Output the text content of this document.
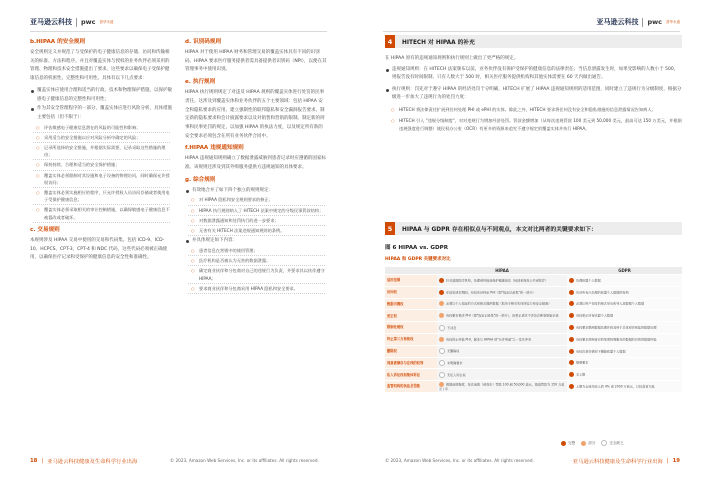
亚马逊云科技 pwc 普华永道
b.HIPAA 的安全规则
安全规则定义并规范了与受保护的电子健康信息的存储、访问和传输相关的标准、方法和程序。并且对覆盖实体与授权的业务伙伴必须采用的管理、物理和技术安全措施提出了要求。这些要求以确保电子受保护健康信息的机密性、完整性和可用性。具体有以下几点要求：
覆盖实体应使用合理和适当的行政、技术和物理保护措施，以保护敏感电子健康信息的完整性和可用性；
作为其安全管理程序的一部分，覆盖实体应进行风险分析，具体措施主要包括（但不限于）：
○ 评估敏感电子健康信息潜在的风险的可能性和影响；
○ 采用适当的安全措施以应对风险分析中确定的风险；
○ 记录所选择的安全措施，并根据实际需要，记录采取这些措施的理由；
○ 保持持续、合理和适当的安全保护措施；
○ 覆盖实体必须限制对其设施和电子设备的物理访问，同时确保允许授权访问；
○ 覆盖实体必须实施相应的程序，只允许授权人员访问存储或者使用电子受保护健康信息；
○ 覆盖实体必须采取相关的审计控制措施，以确保敏感电子健康信息不被篡改或者破坏。
c. 交易规则
本规则涉及 HIPAA 交易中使用的交易和代码集。包括 ICD-9、ICD-10、HCPCS、CPT-3、CPT-4 和 NDC 代码，这些代码必须被正确使用，以确保医疗记录和受保护的健康信息的安全性和准确性。
d. 识别码规则
HIPAA 对于使用 HIPAA 财务和管理交易的覆盖实体具有不同的识别码。HIPAA 要求医疗服务提供者需具备提供者识别码（NPI），以便在其管理事务中使用识别。
e. 执行规则
HIPAA 执行规则规定了对违反 HIPAA 规则的覆盖实体进行处罚的民事责任。这涉及到覆盖实体和业务伙伴的五个主要领域：包括 HIPAA 安全和隐私要求的应用、建立强制性的联邦隐私和安全漏洞报告要求、制定新的隐私要求和会计披露要求以及对销售和营销的限制。制定新的刑事和民事处罚的规定，以加强 HIPAA 的执法力度，以及规定所有新的安全要求必须包含在所有业务伙伴合同中。
f.HIPAA 违规通知规则
HIPAA 违规通知规则确立了数据泄露威胁到患者记录时应遵循的国家标准。该规则还涉及到其外购服务提供方违规通知的具体要求。
g. 综合规则
有效地合并了如下四个独立的规则规定：
○ 对 HIPAA 隐私和安全规则要求的修正；
○ HIPAA 执行规则纳入了 HITECH 法案中规定的分级民事罚款结构；
○ 对数据泄露通知和处罚执行的进一步要求；
○ 无害有关 HITECH 法案违规通知规则的条例。
并具体规定如下内容：
○ 患者信息在营销中的使用管理；
○ 医疗机构是否被认为无害的数据泄露；
○ 确定商业伙伴和分包商对自己的违规行为负责，并要求其以伙伴遵守 HIPAA；
○ 要求商业伙伴和分包商采用 HIPAA 隐私和安全要求。
18 | 亚马逊云科技健康及生命科学行业出海	© 2023, Amazon Web Services, Inc. or its affiliates. All rights reserved.
亚马逊云科技 pwc 普华永道
4	HITECH 对 HIPAA 的补充
在 HIPAA 原有的违规通知规则和执行规则上做出了更严格的规定。
违规通知规则：在 HITECH 法案颁布以前，业务伙伴没有保护受保护的健康信息的法律责任；当信息泄露发生时，如果受影响的人数小于 500，则报告没有时间限制，只有人数大于 500 时，相关医疗服务提供机构和其他实体需要在 60 天内做出通告。
执行规则：罚先对于遵守 HIPAA 的经济处罚于分明确，HITECH 扩展了 HIPAA 违规通知规则的适用范围，同时建立了违规行为分级制度，根据分级进一步加大了违规行为的处罚力度：
○ HITECH 将法律责任扩展到任何处理 PHI 或 ePHI 的实体。除此之外，HITECH 要求将任何没有安全和隐私措施的信息泄露情况告知病人；
○ HITECH 引入 "违规分级制度"，对对违规行为增加经济处罚。罚款金额增加（从每次违规罚款 100 美元到 50,000 美元，最高可达 150 万美元，并根据违规强度进行调整）使民权办公室（OCR）有更多的资源来追究不遵守规定的覆盖实体并执行 HIPAA。
5	HIPAA 与 GDPR 存在相似点与不同观点，本文对比两者的关键要求如下：
图 6 HIPAA vs. GDPR
HIPAA 和 GDPR 关键要求对比
	HIPAA	GDPR
适用范围	针对美国医疗机构，处理或传输受保护健康信息（包括承保及公共或医疗）	处理欧盟个人数据
访问权	在信息请求期间，有权访问特定 PHI（即"指定记录集"的一部分）	访问所有已处理的欧盟个人数据的权利
数据可携权	必须以个人指定的方式和格式提供数据（取决于相关实体所能力和安全措施）	必须让用户在时的格式导出和导入其数据个人数据
更正权	有权要求更改 PHI（即"指定记录集"的一部分），但更正请求不涉及诊断等原始记录	有权更正所有欧盟个人数据
限制处理权	不涉及	有权要求限制数据处理并将其用于总体或否则能的数据处理
终止第三方持续权	有权停止传输 PHI，除非与 HIPAA 的"允许用途"之一发生冲突	有权要求控制者对的某项特殊服务的数据的目的的数据传输
删除权	无删除权	有权在某些情况下删除欧盟个人数据
同意被储存与在线的权利	未明确要求	强制要求
私人诉讼权和集体诉讼	无私人诉讼权	支上限
监管机构的执法及罚款	根据违规程度，每次违规（或每年）罚款 100 到 50,000 美元，最高罚款为 150 万美元 / 年	上限为全球年收入的 4% 或 2000 万欧元，以较高者为准
完整	部分	完全缺乏
© 2023, Amazon Web Services, Inc. or its affiliates. All rights reserved.	亚马逊云科技健康及生命科学行业出海 | 19
